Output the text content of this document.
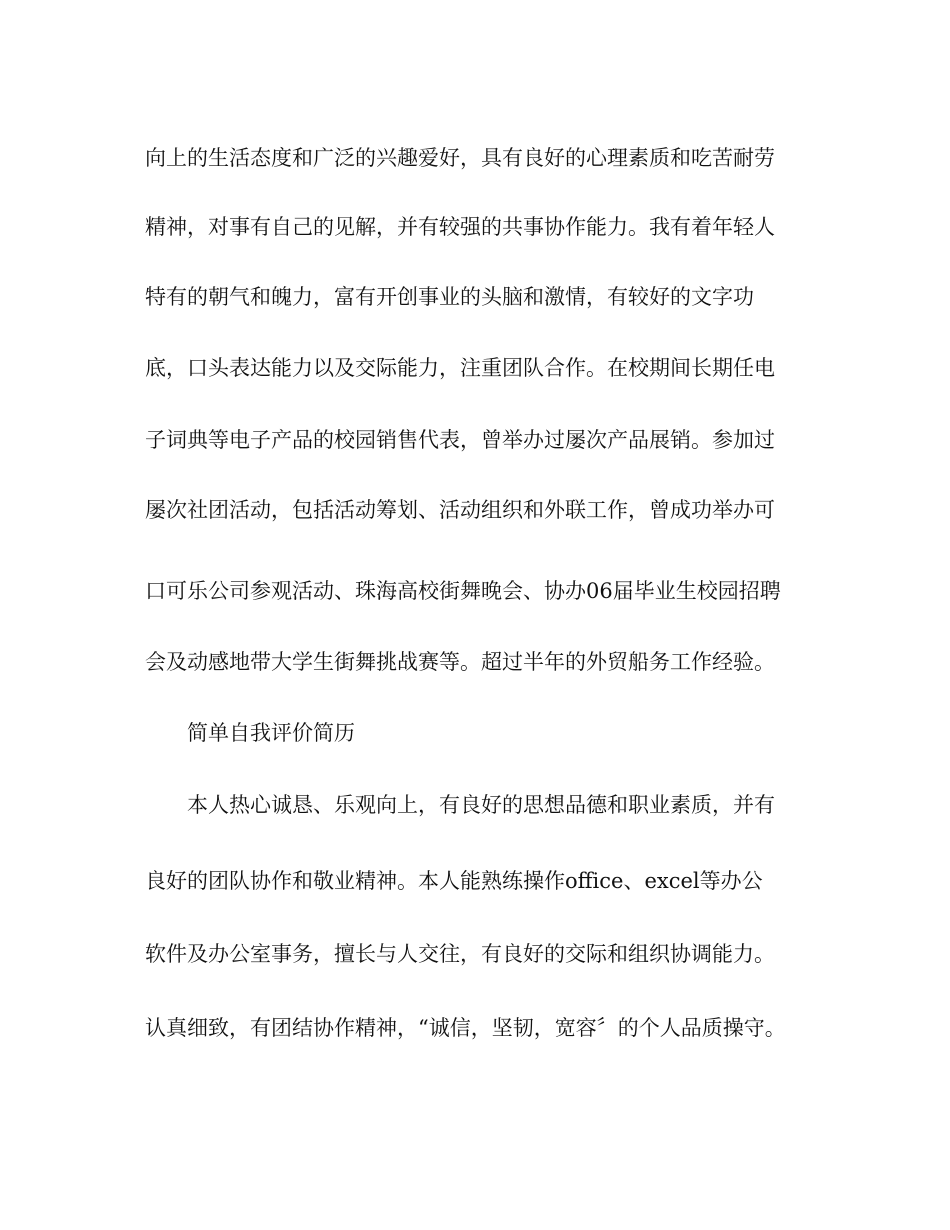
向上的生活态度和广泛的兴趣爱好，具有良好的心理素质和吃苦耐劳

精神，对事有自己的见解，并有较强的共事协作能力。我有着年轻人

特有的朝气和魄力，富有开创事业的头脑和激情，有较好的文字功

底，口头表达能力以及交际能力，注重团队合作。在校期间长期任电

子词典等电子产品的校园销售代表，曾举办过屡次产品展销。参加过

屡次社团活动，包括活动筹划、活动组织和外联工作，曾成功举办可

口可乐公司参观活动、珠海高校街舞晚会、协办06届毕业生校园招聘

会及动感地带大学生街舞挑战赛等。超过半年的外贸船务工作经验。

简单自我评价简历

本人热心诚恳、乐观向上，有良好的思想品德和职业素质，并有

良好的团队协作和敬业精神。本人能熟练操作office、excel等办公

软件及办公室事务，擅长与人交往，有良好的交际和组织协调能力。

认真细致，有团结协作精神，“诚信，坚韧，宽容〞的个人品质操守。
